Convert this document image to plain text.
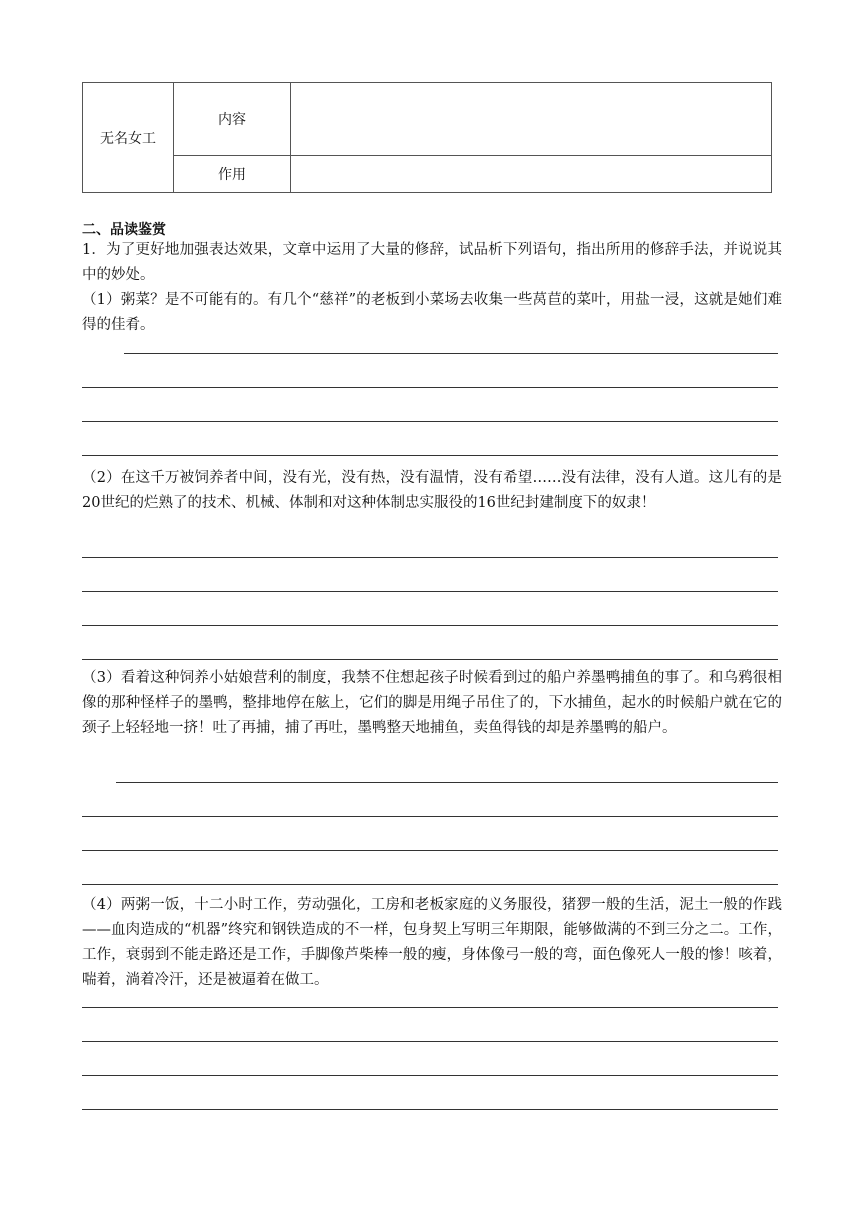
无名女工	内容	
	作用	
二、品读鉴赏
1．为了更好地加强表达效果，文章中运用了大量的修辞，试品析下列语句，指出所用的修辞手法，并说说其中的妙处。
（1）粥菜？是不可能有的。有几个“慈祥”的老板到小菜场去收集一些莴苣的菜叶，用盐一浸，这就是她们难得的佳肴。
（2）在这千万被饲养者中间，没有光，没有热，没有温情，没有希望……没有法律，没有人道。这儿有的是20世纪的烂熟了的技术、机械、体制和对这种体制忠实服役的16世纪封建制度下的奴隶！
（3）看着这种饲养小姑娘营利的制度，我禁不住想起孩子时候看到过的船户养墨鸭捕鱼的事了。和乌鸦很相像的那种怪样子的墨鸭，整排地停在舷上，它们的脚是用绳子吊住了的，下水捕鱼，起水的时候船户就在它的颈子上轻轻地一挤！吐了再捕，捕了再吐，墨鸭整天地捕鱼，卖鱼得钱的却是养墨鸭的船户。
（4）两粥一饭，十二小时工作，劳动强化，工房和老板家庭的义务服役，猪猡一般的生活，泥土一般的作践——血肉造成的“机器”终究和钢铁造成的不一样，包身契上写明三年期限，能够做满的不到三分之二。工作，工作，衰弱到不能走路还是工作，手脚像芦柴棒一般的瘦，身体像弓一般的弯，面色像死人一般的惨！咳着，喘着，淌着冷汗，还是被逼着在做工。
